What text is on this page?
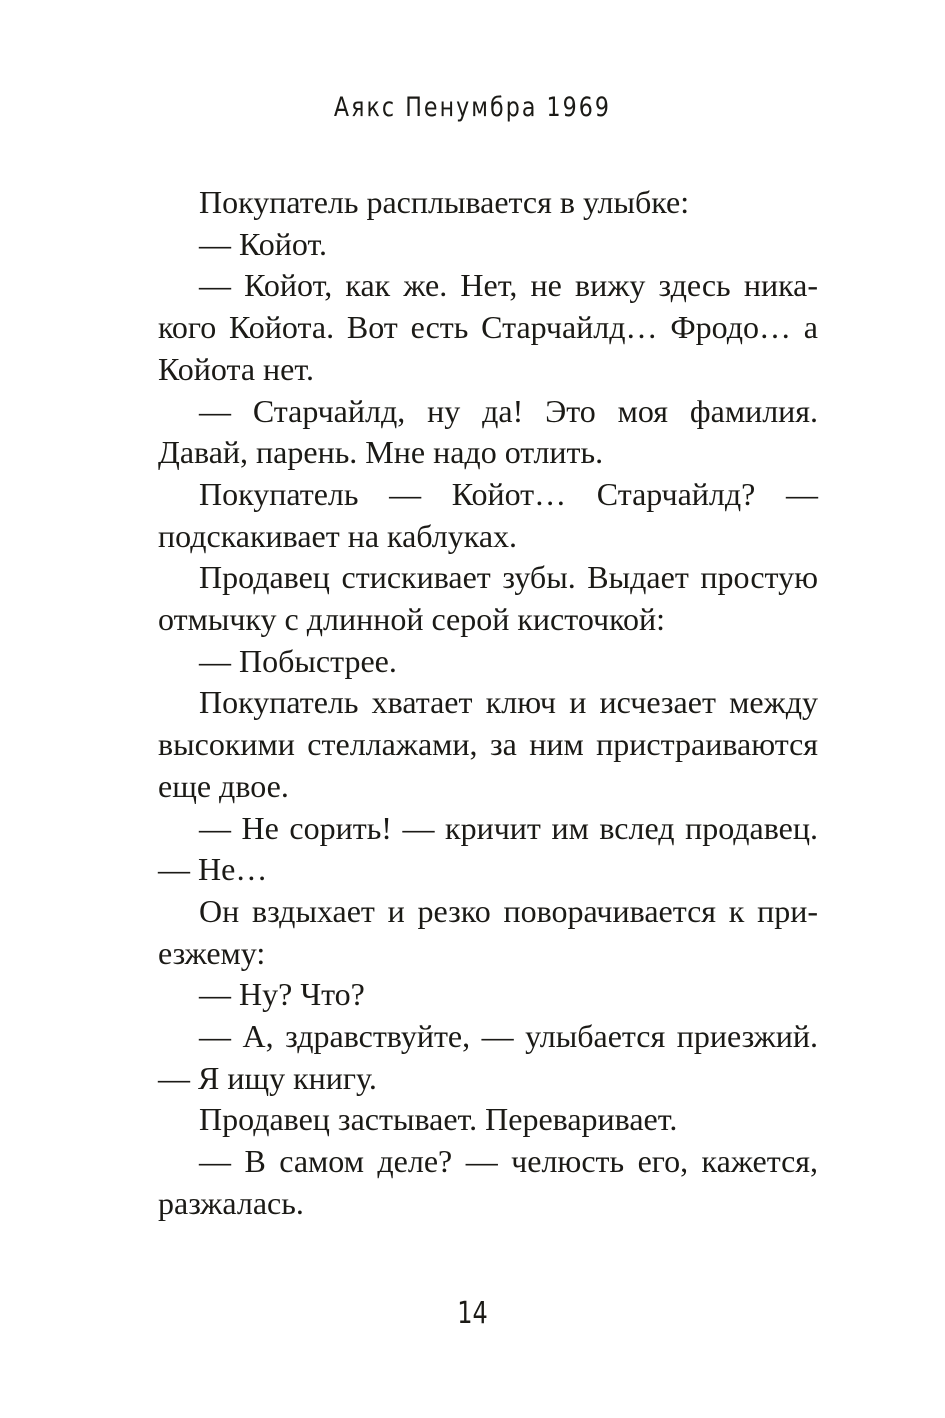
Аякс Пенумбра 1969

Покупатель расплывается в улыбке:

— Койот.

— Койот, как же. Нет, не вижу здесь никакого Койота. Вот есть Старчайлд… Фродо… а Койота нет.

— Старчайлд, ну да! Это моя фамилия. Давай, парень. Мне надо отлить.

Покупатель — Койот… Старчайлд? — подскакивает на каблуках.

Продавец стискивает зубы. Выдает простую отмычку с длинной серой кисточкой:

— Побыстрее.

Покупатель хватает ключ и исчезает между высокими стеллажами, за ним пристраиваются еще двое.

— Не сорить! — кричит им вслед продавец. — Не…

Он вздыхает и резко поворачивается к приезжему:

— Ну? Что?

— А, здравствуйте, — улыбается приезжий. — Я ищу книгу.

Продавец застывает. Переваривает.

— В самом деле? — челюсть его, кажется, разжалась.

14
